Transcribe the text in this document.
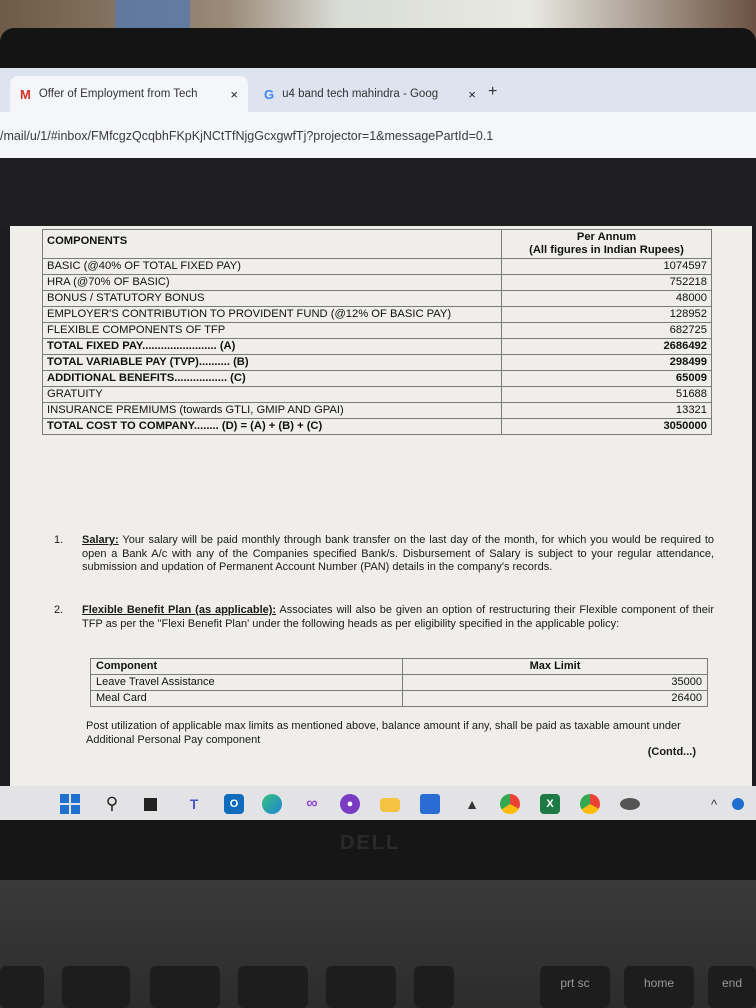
M Offer of Employment from Tech	× G u4 band tech mahindra - Goog	× +
/mail/u/1/#inbox/FMfcgzQcqbhFKpKjNCtTfNjgGcxgwfTj?projector=1&messagePartId=0.1
COMPONENTS	Per Annum
(All figures in Indian Rupees)
BASIC (@40% OF TOTAL FIXED PAY)	1074597
HRA (@70% OF BASIC)	752218
BONUS / STATUTORY BONUS	48000
EMPLOYER'S CONTRIBUTION TO PROVIDENT FUND (@12% OF BASIC PAY)	128952
FLEXIBLE COMPONENTS OF TFP	682725
TOTAL FIXED PAY........................ (A)	2686492
TOTAL VARIABLE PAY (TVP).......... (B)	298499
ADDITIONAL BENEFITS................. (C)	65009
GRATUITY	51688
INSURANCE PREMIUMS (towards GTLI, GMIP AND GPAI)	13321
TOTAL COST TO COMPANY........ (D) = (A) + (B) + (C)	3050000
1.	Salary: Your salary will be paid monthly through bank transfer on the last day of the month, for which you would be required to open a Bank A/c with any of the Companies specified Bank/s. Disbursement of Salary is subject to your regular attendance, submission and updation of Permanent Account Number (PAN) details in the company's records.
2.	Flexible Benefit Plan (as applicable): Associates will also be given an option of restructuring their Flexible component of their TFP as per the "Flexi Benefit Plan' under the following heads as per eligibility specified in the applicable policy:
Component	Max Limit
Leave Travel Assistance	35000
Meal Card	26400
Post utilization of applicable max limits as mentioned above, balance amount if any, shall be paid as taxable amount under Additional Personal Pay component
(Contd...)
⚲	T	O	∞	●	▲	X	^
DELL
prt sc	home	end
